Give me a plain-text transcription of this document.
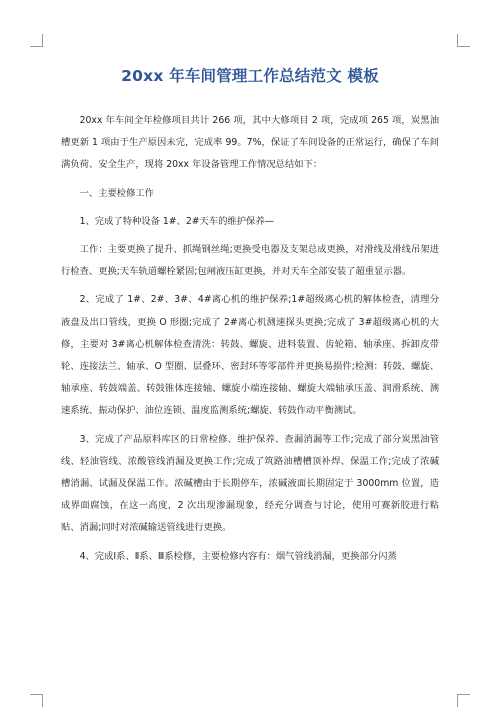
20xx 年车间管理工作总结范文 模板

20xx 年车间全年检修项目共计 266 项，其中大修项目 2 项，完成项 265 项，炭黑油槽更新 1 项由于生产原因未完，完成率 99。7%，保证了车间设备的正常运行，确保了车间满负荷、安全生产，现将 20xx 年设备管理工作情况总结如下：

一、主要检修工作

1、完成了特种设备 1#、2#天车的维护保养—

工作：主要更换了提升、抓绳钢丝绳;更换受电器及支架总成更换，对滑线及滑线吊架进行检查、更换;天车轨道螺栓紧固;包闸液压缸更换，并对天车全部安装了超重显示器。

2、完成了 1#、2#、3#、4#离心机的维护保养;1#超级离心机的解体检查，清理分液盘及出口管线，更换 O 形圈;完成了 2#离心机测速探头更换;完成了 3#超级离心机的大修，主要对 3#离心机解体检查清洗：转鼓、螺旋、进料装置、齿轮箱、轴承座、拆卸皮带轮、连接法兰、轴承、O 型圈、层叠环、密封环等零部件并更换易损件;检测：转鼓、螺旋、轴承座、转鼓端盖、转鼓锥体连接轴、螺旋小端连接轴、螺旋大端轴承压盖、润滑系统、测速系统、振动保护、油位连锁、温度监测系统;螺旋、转鼓作动平衡测试。

3、完成了产品原料库区的日常检修、维护保养、查漏消漏等工作;完成了部分炭黑油管线、轻油管线、浓酸管线消漏及更换工作;完成了筑路油槽槽顶补焊、保温工作;完成了浓碱槽消漏、试漏及保温工作。浓碱槽由于长期停车，浓碱液面长期固定于 3000mm 位置，造成界面腐蚀，在这一高度，2 次出现渗漏现象，经充分调查与讨论，使用可赛新胶进行粘贴、消漏;同时对浓碱输送管线进行更换。

4、完成Ⅰ系、Ⅱ系、Ⅲ系检修，主要检修内容有：烟气管线消漏，更换部分闪蒸
